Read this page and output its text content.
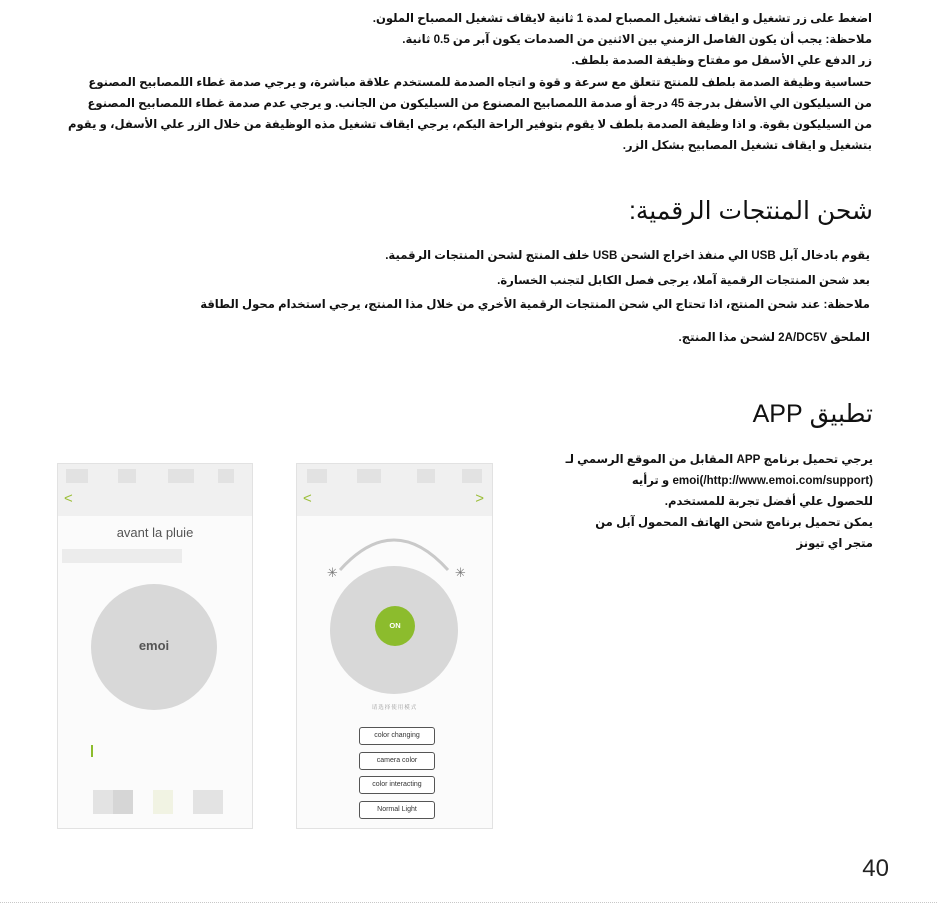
اضغط على زر تشغيل و ايقاف تشغيل المصباح لمدة 1 ثانية لايقاف تشغيل المصباح الملون.

ملاحظة: يجب أن يكون الفاصل الزمني بين الاثنين من الصدمات يكون آبر من 0.5 ثانية.

زر الدفع علي الأسفل مو مفتاح وظيفة الصدمة بلطف.

حساسية وظيفة الصدمة بلطف للمنتج تتعلق مع سرعة و قوة و اتجاه الصدمة للمستخدم علاقة مباشرة، و يرجي صدمة غطاء اللمصابيح المصنوع

من السيليكون الي الأسفل بدرجة 45 درجة أو صدمة اللمصابيح المصنوع من السيليكون من الجانب. و يرجي عدم صدمة غطاء اللمصابيح المصنوع

من السيليكون بقوة. و اذا وظيفة الصدمة بلطف لا يقوم بتوفير الراحة اليكم، يرجي ايقاف تشغيل مذه الوظيفة من خلال الزر علي الأسفل، و يقوم

بتشغيل و ايقاف تشغيل المصابيح بشكل الزر.

شحن المنتجات الرقمية:

يقوم بادخال آبل USB الي منفذ اخراج الشحن USB خلف المنتج لشحن المنتجات الرقمية.

بعد شحن المنتجات الرقمية آملا، يرجى فصل الكابل لتجنب الخسارة.

ملاحظة: عند شحن المنتج، اذا تحتاج الي شحن المنتجات الرقمية الأخري من خلال مذا المنتج، يرجي استخدام محول الطاقة

الملحق 2A/DC5V لشحن مذا المنتج.

تطبيق APP

يرجي تحميل برنامج APP المقابل من الموقع الرسمي لـ

(http://www.emoi.com/support/)emoi و ترأيه

للحصول علي أفضل تجربة للمستخدم.

يمكن تحميل برنامج شحن الهاتف المحمول آبل من

متجر اي تيونز

<
avant la pluie
emoi
<	>
✳	✳
ON
请选择使用模式
color changing
camera color
color interacting
Normal Light
40
